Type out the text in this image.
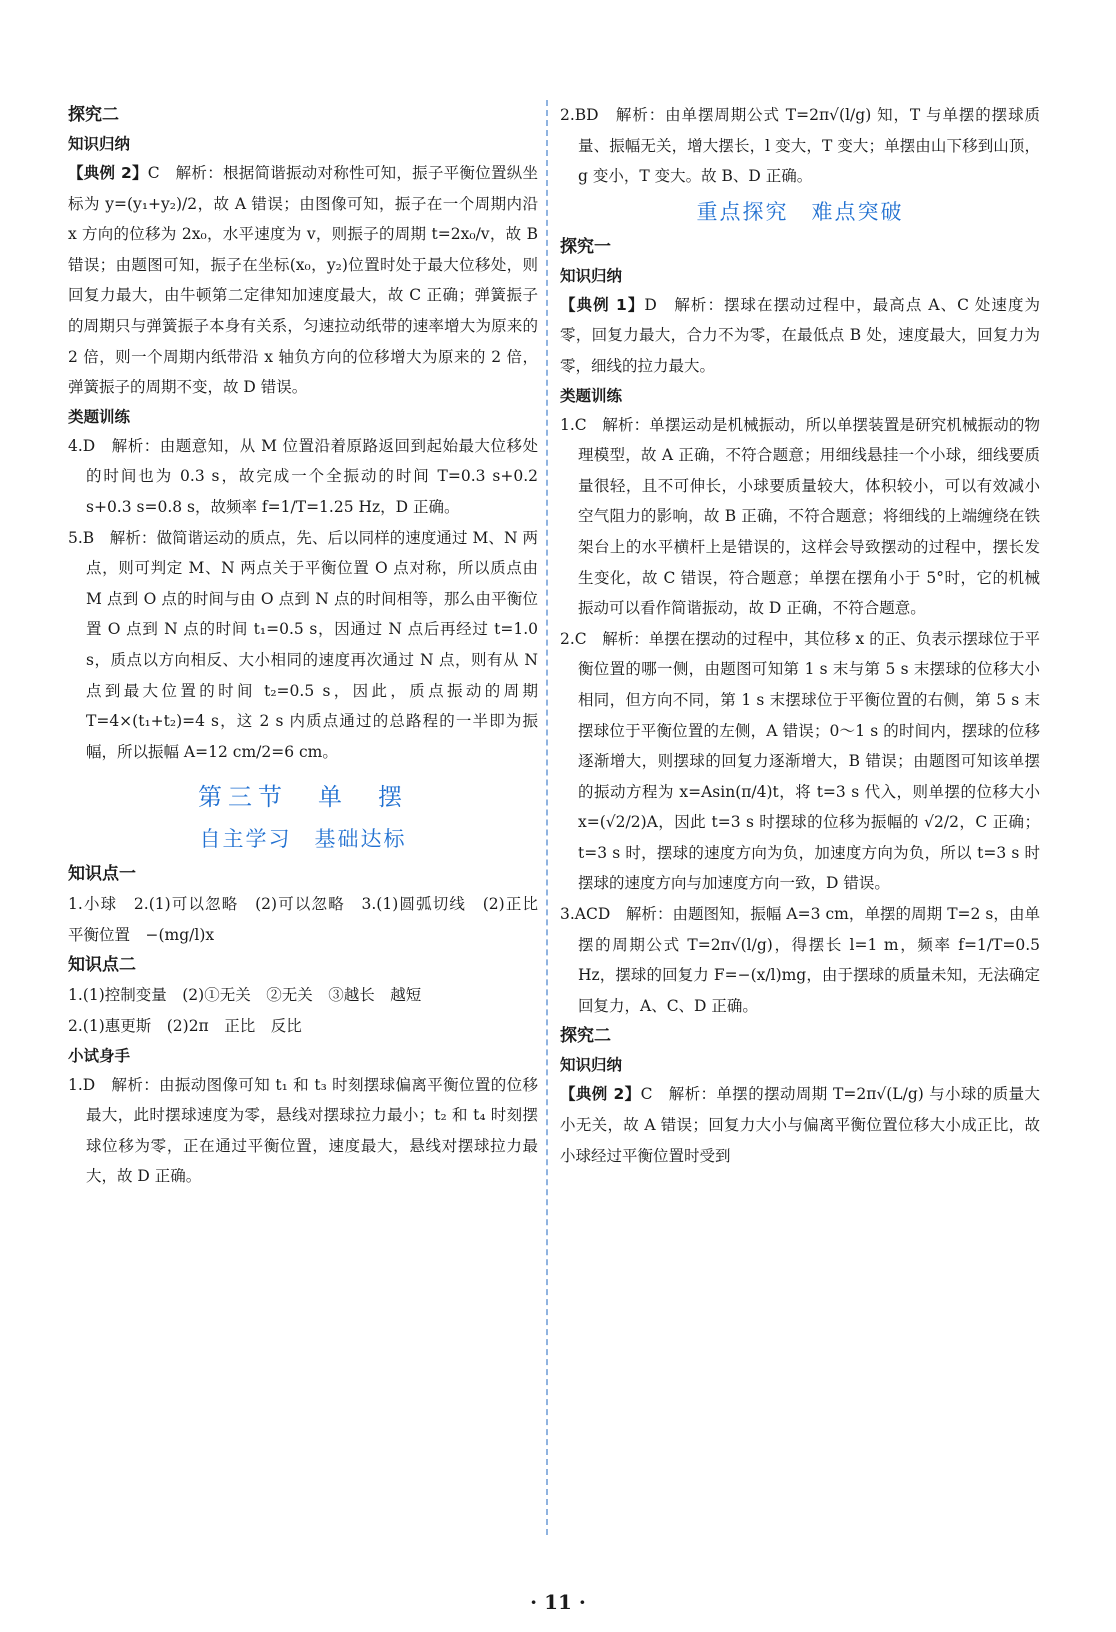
探究二
知识归纳

【典例 2】C　解析：根据简谐振动对称性可知，振子平衡位置纵坐标为 y=(y₁+y₂)/2，故 A 错误；由图像可知，振子在一个周期内沿 x 方向的位移为 2x₀，水平速度为 v，则振子的周期 t=2x₀/v，故 B 错误；由题图可知，振子在坐标(x₀，y₂)位置时处于最大位移处，则回复力最大，由牛顿第二定律知加速度最大，故 C 正确；弹簧振子的周期只与弹簧振子本身有关系，匀速拉动纸带的速率增大为原来的 2 倍，则一个周期内纸带沿 x 轴负方向的位移增大为原来的 2 倍，弹簧振子的周期不变，故 D 错误。

类题训练

4.D　解析：由题意知，从 M 位置沿着原路返回到起始最大位移处的时间也为 0.3 s，故完成一个全振动的时间 T=0.3 s+0.2 s+0.3 s=0.8 s，故频率 f=1/T=1.25 Hz，D 正确。

5.B　解析：做简谐运动的质点，先、后以同样的速度通过 M、N 两点，则可判定 M、N 两点关于平衡位置 O 点对称，所以质点由 M 点到 O 点的时间与由 O 点到 N 点的时间相等，那么由平衡位置 O 点到 N 点的时间 t₁=0.5 s，因通过 N 点后再经过 t=1.0 s，质点以方向相反、大小相同的速度再次通过 N 点，则有从 N 点到最大位置的时间 t₂=0.5 s，因此，质点振动的周期 T=4×(t₁+t₂)=4 s，这 2 s 内质点通过的总路程的一半即为振幅，所以振幅 A=12 cm/2=6 cm。

第三节　单　摆
自主学习　基础达标
知识点一

1.小球　2.(1)可以忽略　(2)可以忽略　3.(1)圆弧切线　(2)正比　平衡位置　−(mg/l)x

知识点二

1.(1)控制变量　(2)①无关　②无关　③越长　越短

2.(1)惠更斯　(2)2π　正比　反比

小试身手

1.D　解析：由振动图像可知 t₁ 和 t₃ 时刻摆球偏离平衡位置的位移最大，此时摆球速度为零，悬线对摆球拉力最小；t₂ 和 t₄ 时刻摆球位移为零，正在通过平衡位置，速度最大，悬线对摆球拉力最大，故 D 正确。

2.BD　解析：由单摆周期公式 T=2π√(l/g) 知，T 与单摆的摆球质量、振幅无关，增大摆长，l 变大，T 变大；单摆由山下移到山顶，g 变小，T 变大。故 B、D 正确。

重点探究　难点突破
探究一
知识归纳

【典例 1】D　解析：摆球在摆动过程中，最高点 A、C 处速度为零，回复力最大，合力不为零，在最低点 B 处，速度最大，回复力为零，细线的拉力最大。

类题训练

1.C　解析：单摆运动是机械振动，所以单摆装置是研究机械振动的物理模型，故 A 正确，不符合题意；用细线悬挂一个小球，细线要质量很轻，且不可伸长，小球要质量较大，体积较小，可以有效减小空气阻力的影响，故 B 正确，不符合题意；将细线的上端缠绕在铁架台上的水平横杆上是错误的，这样会导致摆动的过程中，摆长发生变化，故 C 错误，符合题意；单摆在摆角小于 5°时，它的机械振动可以看作简谐振动，故 D 正确，不符合题意。

2.C　解析：单摆在摆动的过程中，其位移 x 的正、负表示摆球位于平衡位置的哪一侧，由题图可知第 1 s 末与第 5 s 末摆球的位移大小相同，但方向不同，第 1 s 末摆球位于平衡位置的右侧，第 5 s 末摆球位于平衡位置的左侧，A 错误；0～1 s 的时间内，摆球的位移逐渐增大，则摆球的回复力逐渐增大，B 错误；由题图可知该单摆的振动方程为 x=Asin(π/4)t，将 t=3 s 代入，则单摆的位移大小 x=(√2/2)A，因此 t=3 s 时摆球的位移为振幅的 √2/2，C 正确；t=3 s 时，摆球的速度方向为负，加速度方向为负，所以 t=3 s 时摆球的速度方向与加速度方向一致，D 错误。

3.ACD　解析：由题图知，振幅 A=3 cm，单摆的周期 T=2 s，由单摆的周期公式 T=2π√(l/g)，得摆长 l=1 m，频率 f=1/T=0.5 Hz，摆球的回复力 F=−(x/l)mg，由于摆球的质量未知，无法确定回复力，A、C、D 正确。

探究二
知识归纳

【典例 2】C　解析：单摆的摆动周期 T=2π√(L/g) 与小球的质量大小无关，故 A 错误；回复力大小与偏离平衡位置位移大小成正比，故小球经过平衡位置时受到

· 11 ·
